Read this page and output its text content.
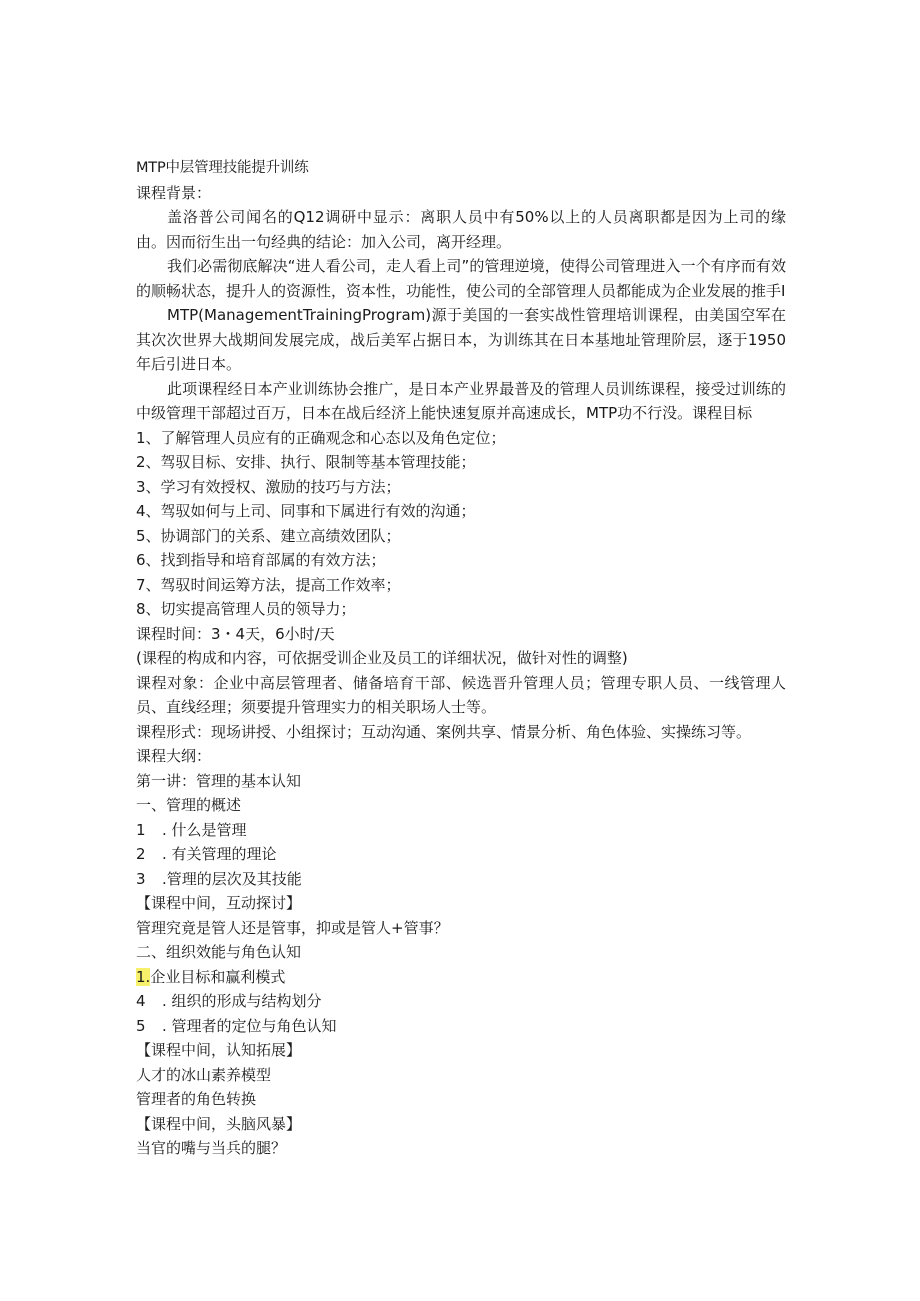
MTP中层管理技能提升训练
课程背景：
盖洛普公司闻名的Q12调研中显示：离职人员中有50%以上的人员离职都是因为上司的缘由。因而衍生出一句经典的结论：加入公司，离开经理。
我们必需彻底解决“进人看公司，走人看上司”的管理逆境，使得公司管理进入一个有序而有效的顺畅状态，提升人的资源性，资本性，功能性，使公司的全部管理人员都能成为企业发展的推手I
MTP(ManagementTrainingProgram)源于美国的一套实战性管理培训课程，由美国空军在其次次世界大战期间发展完成，战后美军占据日本，为训练其在日本基地址管理阶层，逐于1950年后引进日本。
此项课程经日本产业训练协会推广，是日本产业界最普及的管理人员训练课程，接受过训练的中级管理干部超过百万，日本在战后经济上能快速复原并高速成长，MTP功不行没。课程目标
1、了解管理人员应有的正确观念和心态以及角色定位；
2、驾驭目标、安排、执行、限制等基本管理技能；
3、学习有效授权、激励的技巧与方法；
4、驾驭如何与上司、同事和下属进行有效的沟通；
5、协调部门的关系、建立高绩效团队；
6、找到指导和培育部属的有效方法；
7、驾驭时间运筹方法，提高工作效率；
8、切实提高管理人员的领导力；
课程时间：3・4天，6小时/天
(课程的构成和内容，可依据受训企业及员工的详细状况，做针对性的调整)
课程对象：企业中高层管理者、储备培育干部、候选晋升管理人员；管理专职人员、一线管理人员、直线经理；须要提升管理实力的相关职场人士等。
课程形式：现场讲授、小组探讨；互动沟通、案例共享、情景分析、角色体验、实操练习等。
课程大纲：
第一讲：管理的基本认知
一、管理的概述
1 . 什么是管理
2 . 有关管理的理论
3 .管理的层次及其技能
【课程中间，互动探讨】
管理究竟是管人还是管事，抑或是管人+管事？
二、组织效能与角色认知
1.企业目标和赢利模式
4 . 组织的形成与结构划分
5 . 管理者的定位与角色认知
【课程中间，认知拓展】
人才的冰山素养模型
管理者的角色转换
【课程中间，头脑风暴】
当官的嘴与当兵的腿？
